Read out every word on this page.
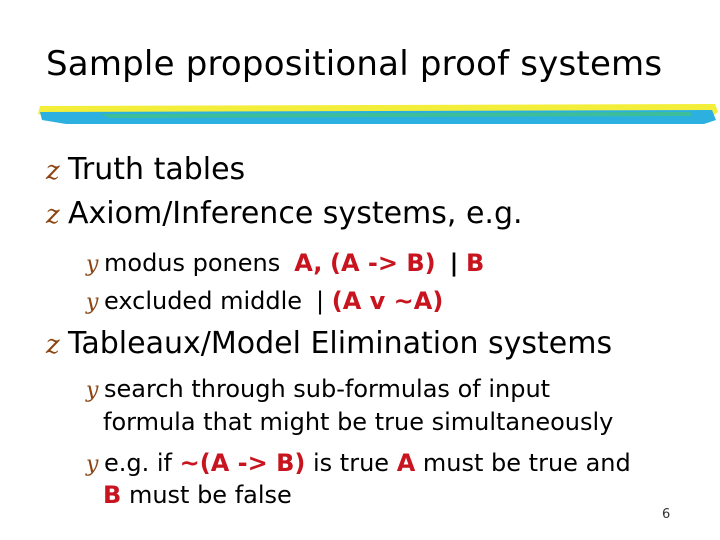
Sample propositional proof systems
z Truth tables
z Axiom/Inference systems, e.g.
y modus ponens A, (A -> B) | B
y excluded middle | (A v ~A)
z Tableaux/Model Elimination systems
y search through sub-formulas of input
formula that might be true simultaneously
y e.g. if ~(A -> B) is true A must be true and
B must be false
6
